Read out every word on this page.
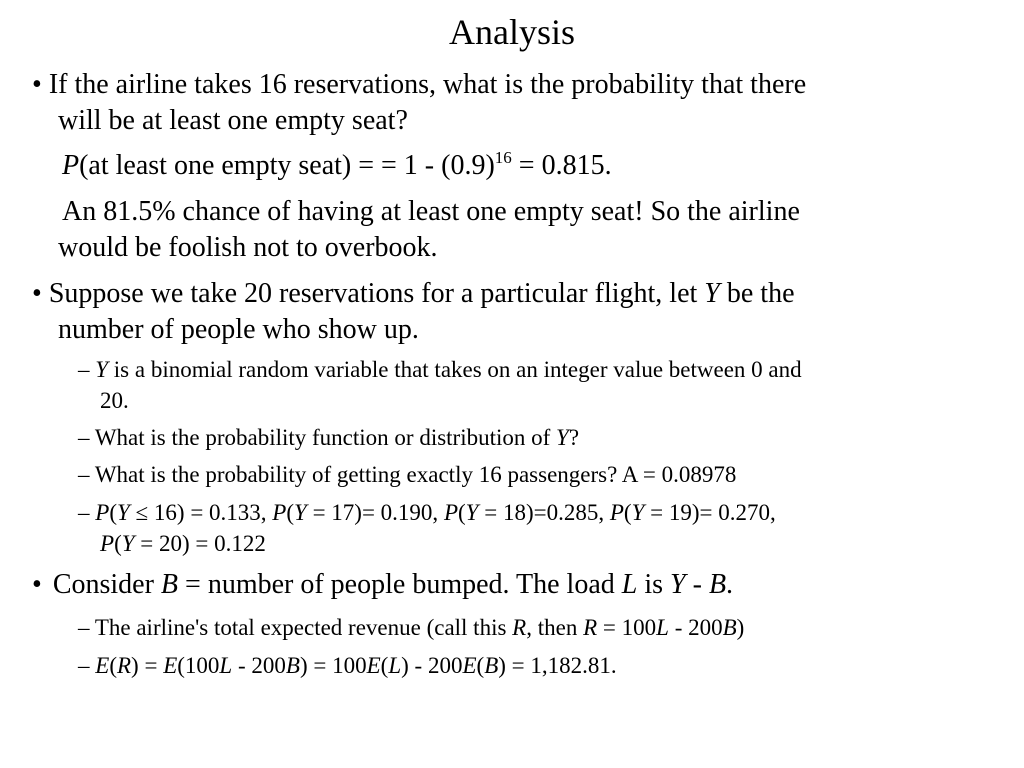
Analysis
• If the airline takes 16 reservations, what is the probability that there
will be at least one empty seat?
P(at least one empty seat) = = $1 - (0.9)^{16} = 0.815$.
An 81.5% chance of having at least one empty seat! So the airline
would be foolish not to overbook.
• Suppose we take 20 reservations for a particular flight, let Y be the
number of people who show up.
– Y is a binomial random variable that takes on an integer value between 0 and
20.
– What is the probability function or distribution of Y?
– What is the probability of getting exactly 16 passengers? A = 0.08978
– P(Y ≤ 16) = 0.133, P(Y = 17)= 0.190, P(Y = 18)=0.285, P(Y = 19)= 0.270,
P(Y = 20) = 0.122
• Consider B = number of people bumped. The load L is Y - B.
– The airline's total expected revenue (call this R, then R = 100L - 200B)
– E(R) = E(100L - 200B) = 100E(L) - 200E(B) = 1,182.81.
